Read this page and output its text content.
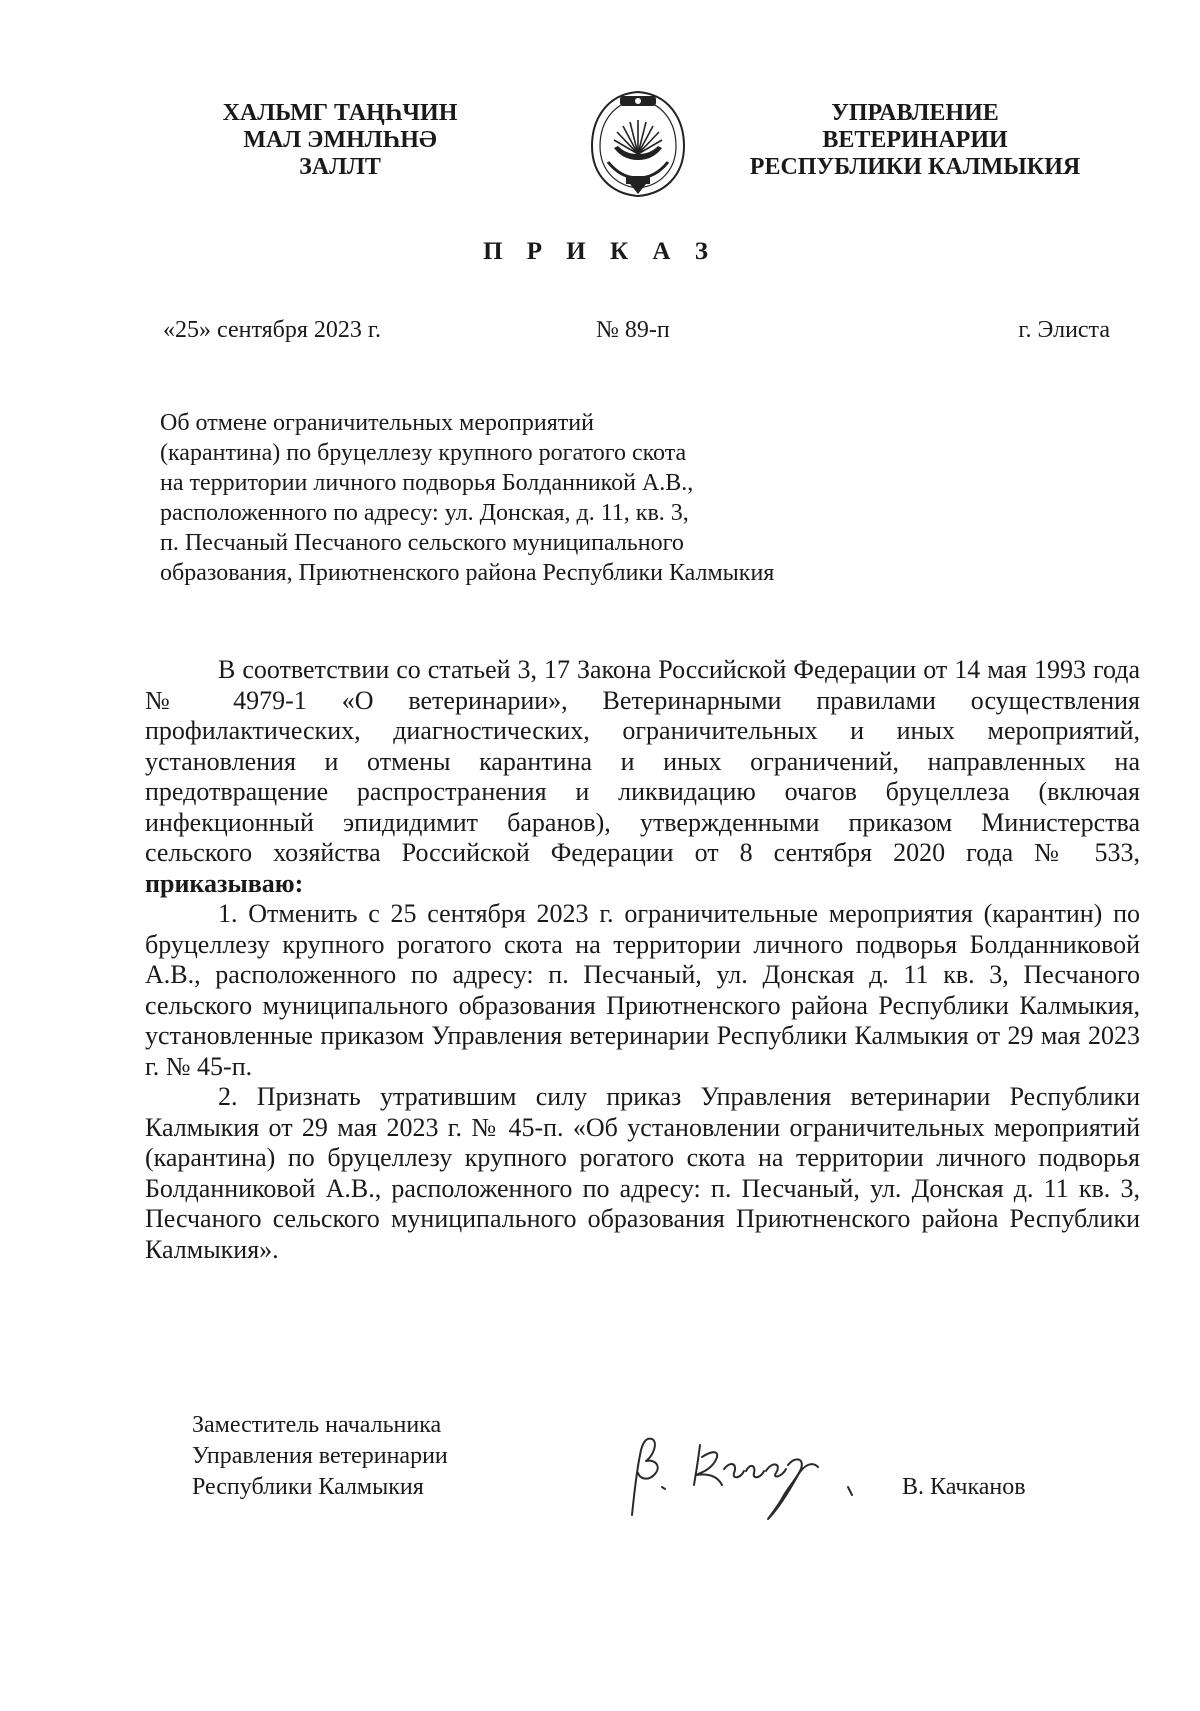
ХАЛЬМГ ТАҢҺЧИН
МАЛ ЭМНЛҺНӘ
ЗАЛЛТ
УПРАВЛЕНИЕ
ВЕТЕРИНАРИИ
РЕСПУБЛИКИ КАЛМЫКИЯ
П Р И К А З
«25» сентября 2023 г.	№ 89-п	г. Элиста
Об отмене ограничительных мероприятий
(карантина) по бруцеллезу крупного рогатого скота
на территории личного подворья Болданникой А.В.,
расположенного по адресу: ул. Донская, д. 11, кв. 3,
п. Песчаный Песчаного сельского муниципального
образования, Приютненского района Республики Калмыкия

В соответствии со статьей 3, 17 Закона Российской Федерации от 14 мая 1993 года № 4979-1 «О ветеринарии», Ветеринарными правилами осуществления профилактических, диагностических, ограничительных и иных мероприятий, установления и отмены карантина и иных ограничений, направленных на предотвращение распространения и ликвидацию очагов бруцеллеза (включая инфекционный эпидидимит баранов), утвержденными приказом Министерства сельского хозяйства Российской Федерации от 8 сентября 2020 года № 533, приказываю:

1. Отменить с 25 сентября 2023 г. ограничительные мероприятия (карантин) по бруцеллезу крупного рогатого скота на территории личного подворья Болданниковой А.В., расположенного по адресу: п. Песчаный, ул. Донская д. 11 кв. 3, Песчаного сельского муниципального образования Приютненского района Республики Калмыкия, установленные приказом Управления ветеринарии Республики Калмыкия от 29 мая 2023 г. № 45-п.

2. Признать утратившим силу приказ Управления ветеринарии Республики Калмыкия от 29 мая 2023 г. № 45-п. «Об установлении ограничительных мероприятий (карантина) по бруцеллезу крупного рогатого скота на территории личного подворья Болданниковой А.В., расположенного по адресу: п. Песчаный, ул. Донская д. 11 кв. 3, Песчаного сельского муниципального образования Приютненского района Республики Калмыкия».

Заместитель начальника
Управления ветеринарии
Республики Калмыкия	В. Качканов
